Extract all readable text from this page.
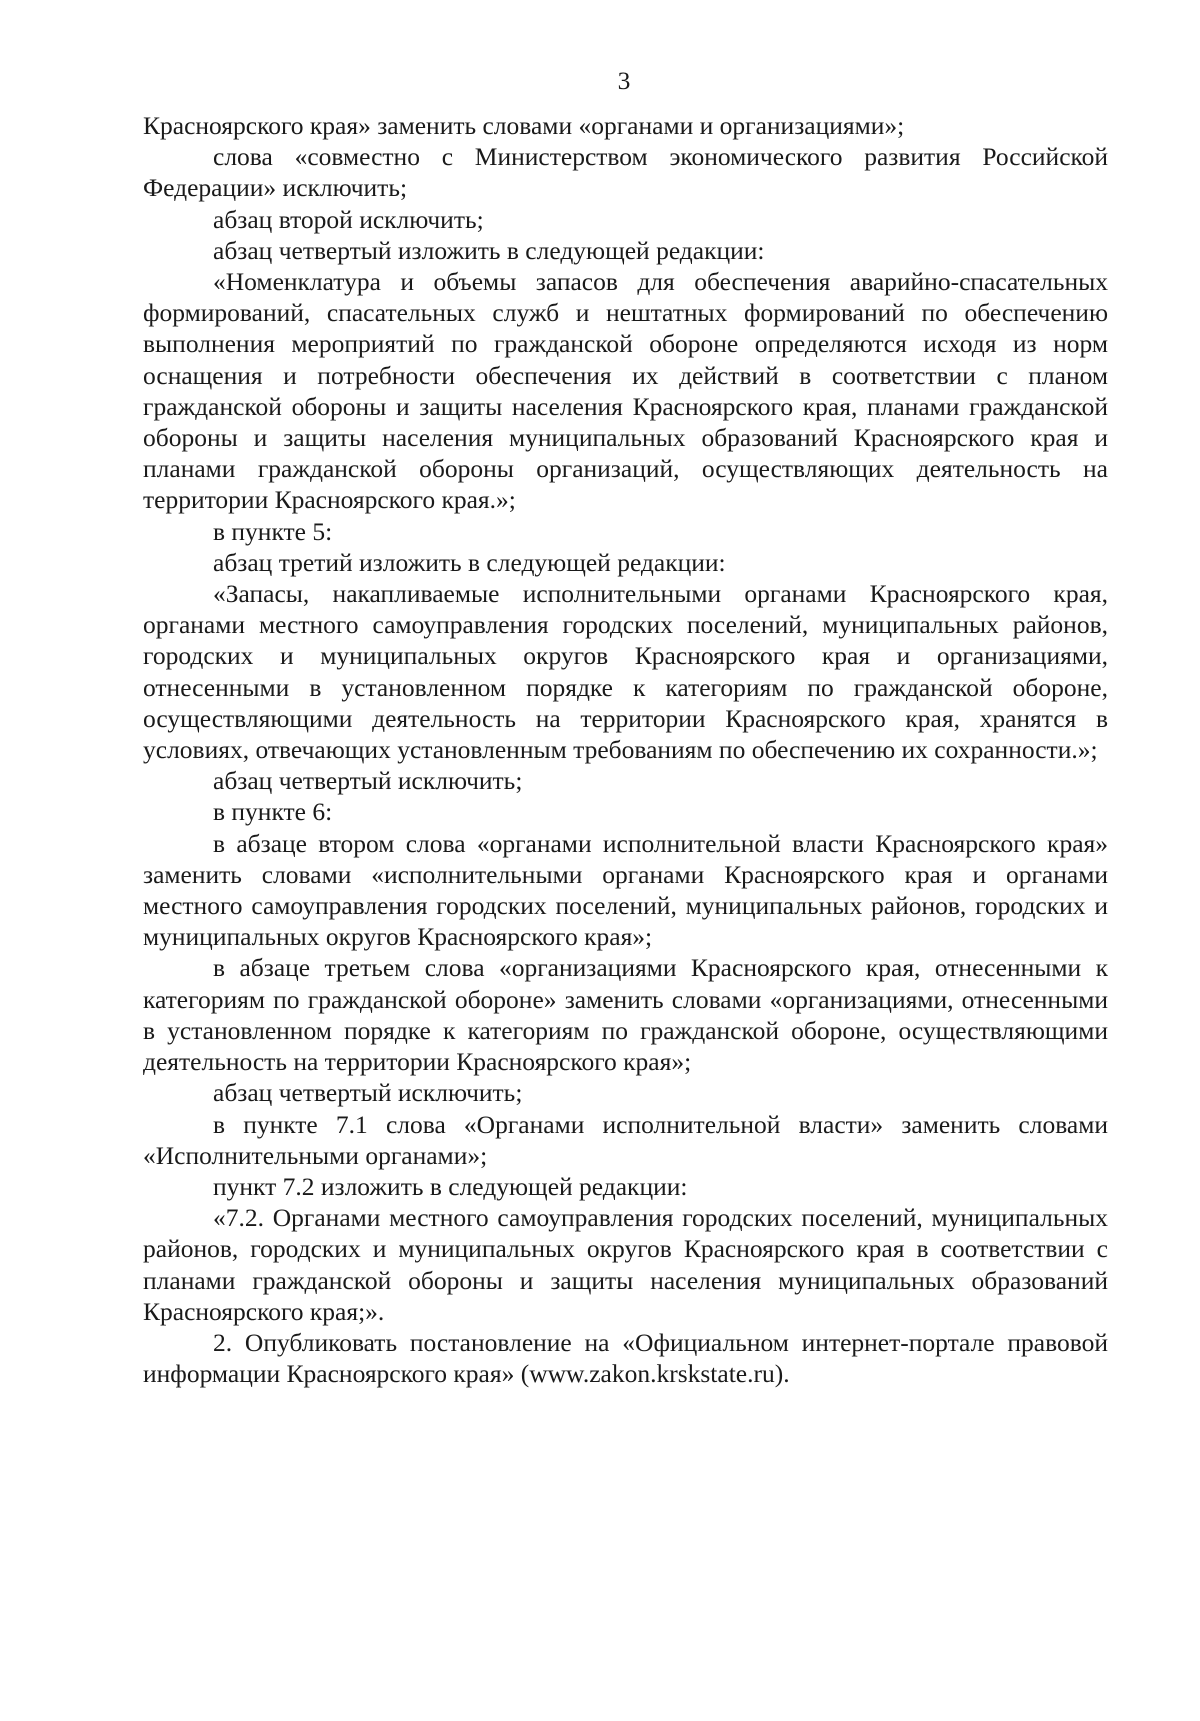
3

Красноярского края» заменить словами «органами и организациями»;

слова «совместно с Министерством экономического развития Российской Федерации» исключить;

абзац второй исключить;

абзац четвертый изложить в следующей редакции:

«Номенклатура и объемы запасов для обеспечения аварийно-спасательных формирований, спасательных служб и нештатных формирований по обеспечению выполнения мероприятий по гражданской обороне определяются исходя из норм оснащения и потребности обеспечения их действий в соответствии с планом гражданской обороны и защиты населения Красноярского края, планами гражданской обороны и защиты населения муниципальных образований Красноярского края и планами гражданской обороны организаций, осуществляющих деятельность на территории Красноярского края.»;

в пункте 5:

абзац третий изложить в следующей редакции:

«Запасы, накапливаемые исполнительными органами Красноярского края, органами местного самоуправления городских поселений, муниципальных районов, городских и муниципальных округов Красноярского края и организациями, отнесенными в установленном порядке к категориям по гражданской обороне, осуществляющими деятельность на территории Красноярского края, хранятся в условиях, отвечающих установленным требованиям по обеспечению их сохранности.»;

абзац четвертый исключить;

в пункте 6:

в абзаце втором слова «органами исполнительной власти Красноярского края» заменить словами «исполнительными органами Красноярского края и органами местного самоуправления городских поселений, муниципальных районов, городских и муниципальных округов Красноярского края»;

в абзаце третьем слова «организациями Красноярского края, отнесенными к категориям по гражданской обороне» заменить словами «организациями, отнесенными в установленном порядке к категориям по гражданской обороне, осуществляющими деятельность на территории Красноярского края»;

абзац четвертый исключить;

в пункте 7.1 слова «Органами исполнительной власти» заменить словами «Исполнительными органами»;

пункт 7.2 изложить в следующей редакции:

«7.2. Органами местного самоуправления городских поселений, муниципальных районов, городских и муниципальных округов Красноярского края в соответствии с планами гражданской обороны и защиты населения муниципальных образований Красноярского края;».

2. Опубликовать постановление на «Официальном интернет-портале правовой информации Красноярского края» (www.zakon.krskstate.ru).
